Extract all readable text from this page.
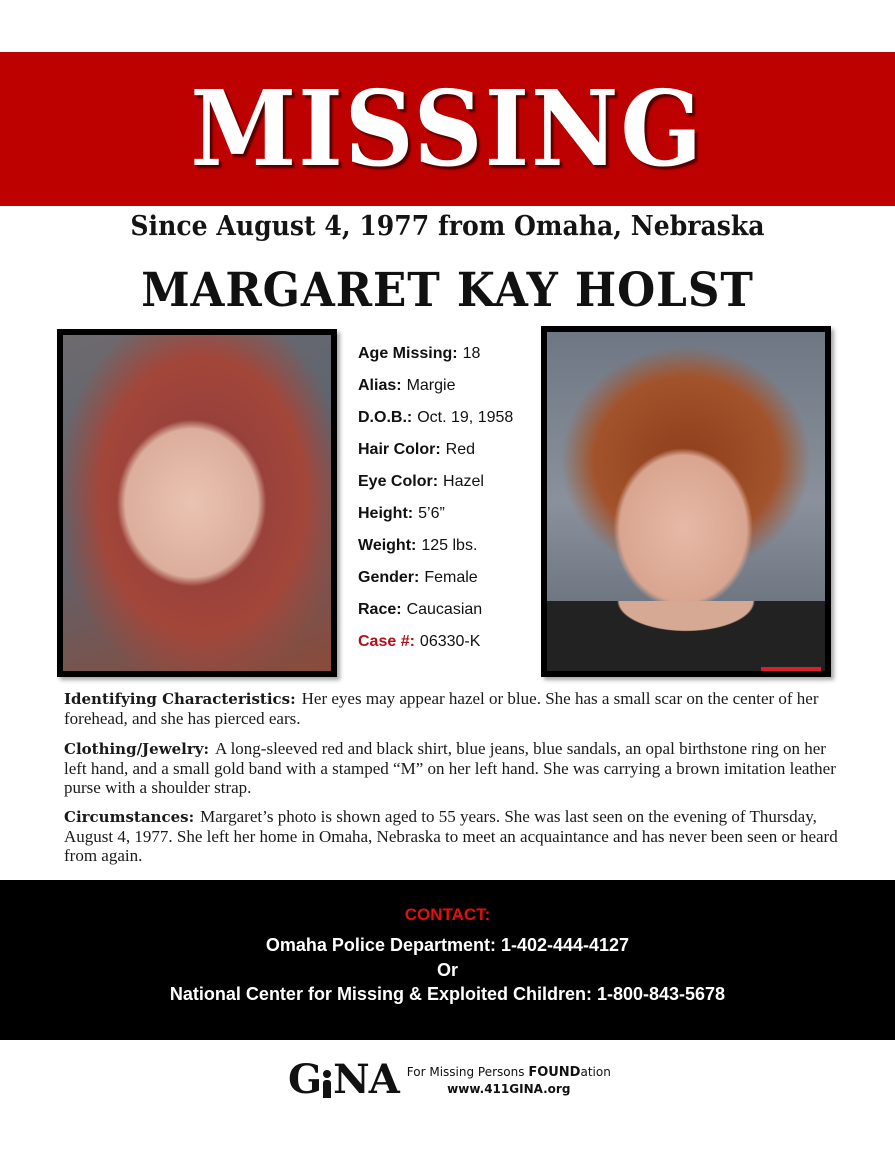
MISSING
Since August 4, 1977 from Omaha, Nebraska
MARGARET KAY HOLST
Age Missing: 18
Alias: Margie
D.O.B.: Oct. 19, 1958
Hair Color: Red
Eye Color: Hazel
Height: 5’6”
Weight: 125 lbs.
Gender: Female
Race: Caucasian
Case #: 06330-K
Identifying Characteristics: Her eyes may appear hazel or blue. She has a small scar on the center of her forehead, and she has pierced ears.
Clothing/Jewelry: A long-sleeved red and black shirt, blue jeans, blue sandals, an opal birthstone ring on her left hand, and a small gold band with a stamped “M” on her left hand. She was carrying a brown imitation leather purse with a shoulder strap.
Circumstances: Margaret’s photo is shown aged to 55 years. She was last seen on the evening of Thursday, August 4, 1977. She left her home in Omaha, Nebraska to meet an acquaintance and has never been seen or heard from again.
CONTACT:
Omaha Police Department: 1-402-444-4127
Or
National Center for Missing & Exploited Children: 1-800-843-5678
G NA For Missing Persons FOUNDation
www.411GINA.org
